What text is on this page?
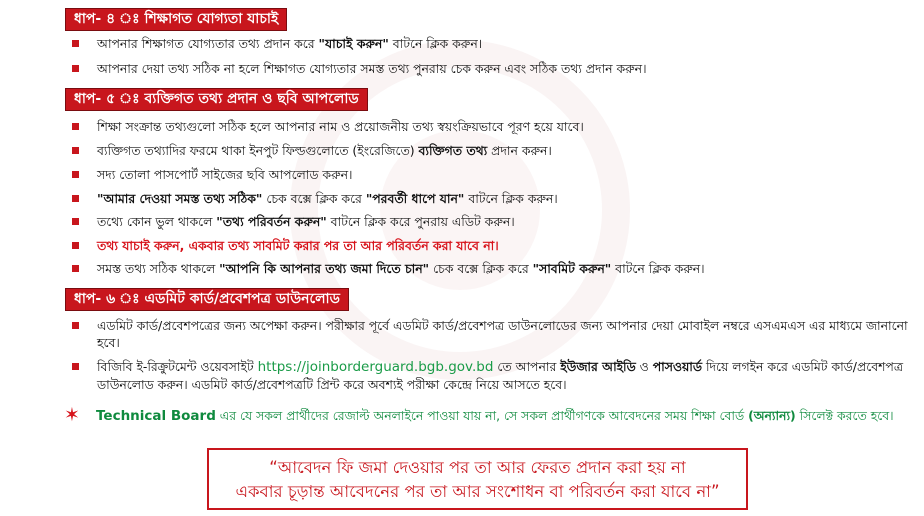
ধাপ- ৪ ঃ শিক্ষাগত যোগ্যতা যাচাই
আপনার শিক্ষাগত যোগ্যতার তথ্য প্রদান করে "যাচাই করুন" বাটনে ক্লিক করুন।
আপনার দেয়া তথ্য সঠিক না হলে শিক্ষাগত যোগ্যতার সমস্ত তথ্য পুনরায় চেক করুন এবং সঠিক তথ্য প্রদান করুন।
ধাপ- ৫ ঃ ব্যক্তিগত তথ্য প্রদান ও ছবি আপলোড
শিক্ষা সংক্রান্ত তথ্যগুলো সঠিক হলে আপনার নাম ও প্রয়োজনীয় তথ্য স্বয়ংক্রিয়ভাবে পূরণ হয়ে যাবে।
ব্যক্তিগত তথ্যাদির ফরমে থাকা ইনপুট ফিল্ডগুলোতে (ইংরেজিতে) ব্যক্তিগত তথ্য প্রদান করুন।
সদ্য তোলা পাসপোর্ট সাইজের ছবি আপলোড করুন।
"আমার দেওয়া সমস্ত তথ্য সঠিক" চেক বক্সে ক্লিক করে "পরবর্তী ধাপে যান" বাটনে ক্লিক করুন।
তথ্যে কোন ভুল থাকলে "তথ্য পরিবর্তন করুন" বাটনে ক্লিক করে পুনরায় এডিট করুন।
তথ্য যাচাই করুন, একবার তথ্য সাবমিট করার পর তা আর পরিবর্তন করা যাবে না।
সমস্ত তথ্য সঠিক থাকলে "আপনি কি আপনার তথ্য জমা দিতে চান" চেক বক্সে ক্লিক করে "সাবমিট করুন" বাটনে ক্লিক করুন।
ধাপ- ৬ ঃ এডমিট কার্ড/প্রবেশপত্র ডাউনলোড
এডমিট কার্ড/প্রবেশপত্রের জন্য অপেক্ষা করুন। পরীক্ষার পূর্বে এডমিট কার্ড/প্রবেশপত্র ডাউনলোডের জন্য আপনার দেয়া মোবাইল নম্বরে এসএমএস এর মাধ্যমে জানানো হবে।
বিজিবি ই-রিক্রুটমেন্ট ওয়েবসাইট https://joinborderguard.bgb.gov.bd তে আপনার ইউজার আইডি ও পাসওয়ার্ড দিয়ে লগইন করে এডমিট কার্ড/প্রবেশপত্র ডাউনলোড করুন। এডমিট কার্ড/প্রবেশপত্রটি প্রিন্ট করে অবশ্যই পরীক্ষা কেন্দ্রে নিয়ে আসতে হবে।
✶ Technical Board এর যে সকল প্রার্থীদের রেজাল্ট অনলাইনে পাওয়া যায় না, সে সকল প্রার্থীগণকে আবেদনের সময় শিক্ষা বোর্ড (অন্যান্য) সিলেক্ট করতে হবে।
“আবেদন ফি জমা দেওয়ার পর তা আর ফেরত প্রদান করা হয় না
একবার চূড়ান্ত আবেদনের পর তা আর সংশোধন বা পরিবর্তন করা যাবে না”
